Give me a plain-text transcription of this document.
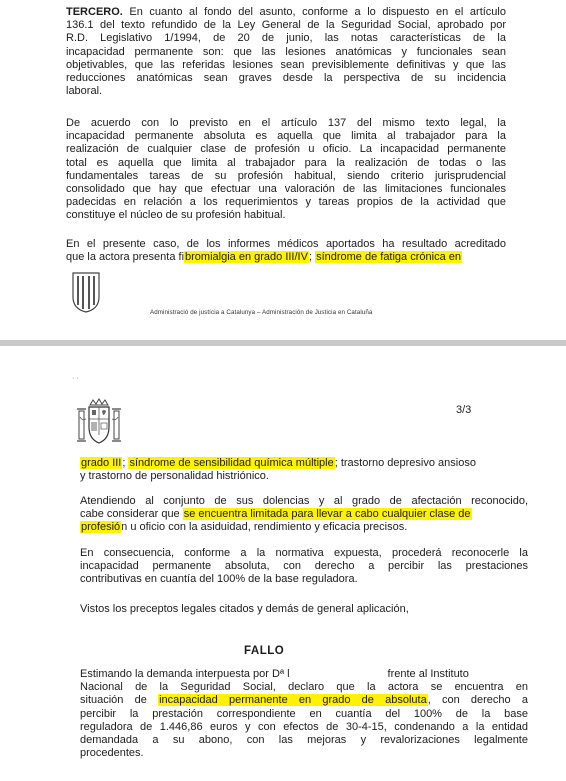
TERCERO. En cuanto al fondo del asunto, conforme a lo dispuesto en el artículo
136.1 del texto refundido de la Ley General de la Seguridad Social, aprobado por
R.D. Legislativo 1/1994, de 20 de junio, las notas características de la
incapacidad permanente son: que las lesiones anatómicas y funcionales sean
objetivables, que las referidas lesiones sean previsiblemente definitivas y que las
reducciones anatómicas sean graves desde la perspectiva de su incidencia
laboral.
De acuerdo con lo previsto en el artículo 137 del mismo texto legal, la
incapacidad permanente absoluta es aquella que limita al trabajador para la
realización de cualquier clase de profesión u oficio. La incapacidad permanente
total es aquella que limita al trabajador para la realización de todas o las
fundamentales tareas de su profesión habitual, siendo criterio jurisprudencial
consolidado que hay que efectuar una valoración de las limitaciones funcionales
padecidas en relación a los requerimientos y tareas propios de la actividad que
constituye el núcleo de su profesión habitual.
En el presente caso, de los informes médicos aportados ha resultado acreditado
que la actora presenta fibromialgia en grado III/IV; síndrome de fatiga crónica en
Administració de justícia a Catalunya – Administración de Justicia en Cataluña
· ·
3/3
grado III; síndrome de sensibilidad química múltiple; trastorno depresivo ansioso
y trastorno de personalidad histriónico.
Atendiendo al conjunto de sus dolencias y al grado de afectación reconocido,
cabe considerar que se encuentra limitada para llevar a cabo cualquier clase de
profesión u oficio con la asiduidad, rendimiento y eficacia precisos.
En consecuencia, conforme a la normativa expuesta, procederá reconocerle la
incapacidad permanente absoluta, con derecho a percibir las prestaciones
contributivas en cuantía del 100% de la base reguladora.
Vistos los preceptos legales citados y demás de general aplicación,
FALLO
Estimando la demanda interpuesta por Dª l	frente al Instituto
Nacional de la Seguridad Social, declaro que la actora se encuentra en
situación de incapacidad permanente en grado de absoluta, con derecho a
percibir la prestación correspondiente en cuantía del 100% de la base
reguladora de 1.446,86 euros y con efectos de 30-4-15, condenando a la entidad
demandada a su abono, con las mejoras y revalorizaciones legalmente
procedentes.
